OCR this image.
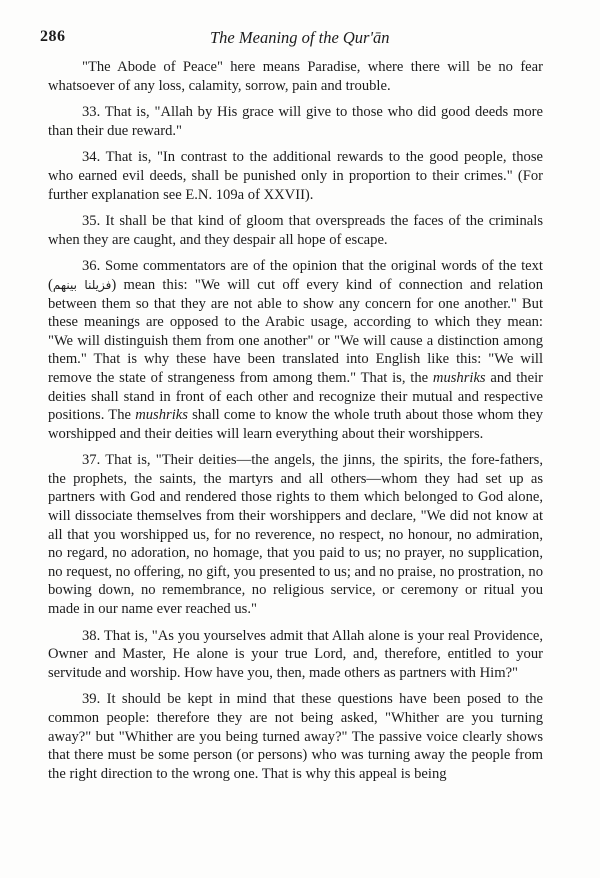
286	The Meaning of the Qur'ān

"The Abode of Peace" here means Paradise, where there will be no fear whatsoever of any loss, calamity, sorrow, pain and trouble.

33. That is, "Allah by His grace will give to those who did good deeds more than their due reward."

34. That is, "In contrast to the additional rewards to the good people, those who earned evil deeds, shall be punished only in proportion to their crimes." (For further explanation see E.N. 109a of XXVII).

35. It shall be that kind of gloom that overspreads the faces of the criminals when they are caught, and they despair all hope of escape.

36. Some commentators are of the opinion that the original words of the text (فزيلنا بينهم) mean this: "We will cut off every kind of connection and relation between them so that they are not able to show any concern for one another." But these meanings are opposed to the Arabic usage, according to which they mean: "We will distinguish them from one another" or "We will cause a distinction among them." That is why these have been translated into English like this: "We will remove the state of strangeness from among them." That is, the mushriks and their deities shall stand in front of each other and recognize their mutual and respective positions. The mushriks shall come to know the whole truth about those whom they worshipped and their deities will learn everything about their worshippers.

37. That is, "Their deities—the angels, the jinns, the spirits, the fore-fathers, the prophets, the saints, the martyrs and all others—whom they had set up as partners with God and rendered those rights to them which belonged to God alone, will dissociate themselves from their worshippers and declare, "We did not know at all that you worshipped us, for no reverence, no respect, no honour, no admiration, no regard, no adoration, no homage, that you paid to us; no prayer, no supplication, no request, no offering, no gift, you presented to us; and no praise, no prostration, no bowing down, no remembrance, no religious service, or ceremony or ritual you made in our name ever reached us."

38. That is, "As you yourselves admit that Allah alone is your real Providence, Owner and Master, He alone is your true Lord, and, therefore, entitled to your servitude and worship. How have you, then, made others as partners with Him?"

39. It should be kept in mind that these questions have been posed to the common people: therefore they are not being asked, "Whither are you turning away?" but "Whither are you being turned away?" The passive voice clearly shows that there must be some person (or persons) who was turning away the people from the right direction to the wrong one. That is why this appeal is being
